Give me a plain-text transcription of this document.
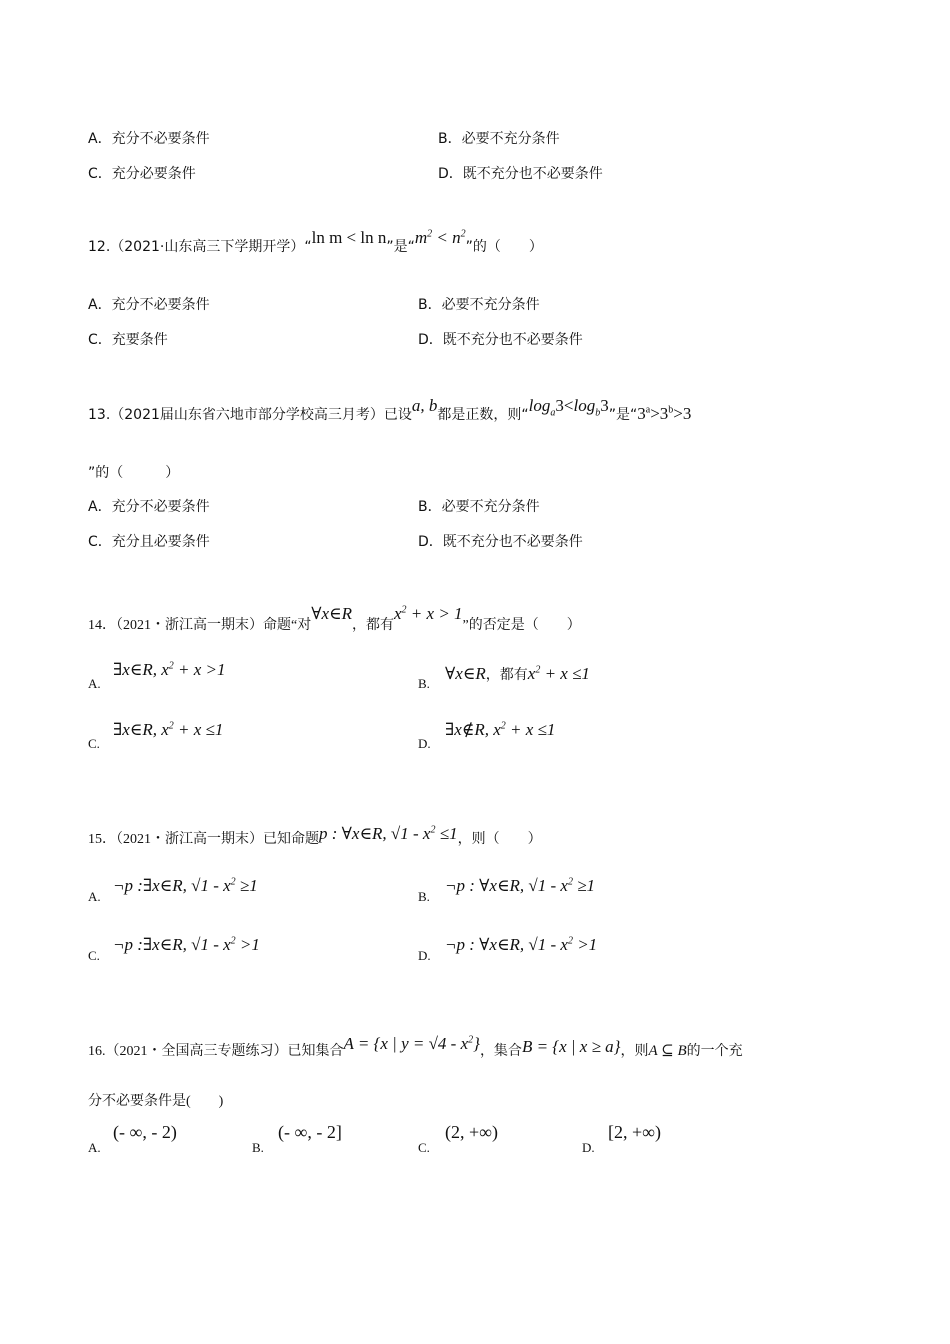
A．充分不必要条件	B．必要不充分条件
C．充分必要条件	D．既不充分也不必要条件
12.（2021·山东高三下学期开学）“ln m < ln n”是“$m^2 < n^2$”的（　　）
A．充分不必要条件	B．必要不充分条件
C．充要条件	D．既不充分也不必要条件
13.（2021届山东省六地市部分学校高三月考）已设a, b都是正数，则“$\log_a3<\log_b3$”是“$3^a>3^b>3$
”的（　　　）
A．充分不必要条件	B．必要不充分条件
C．充分且必要条件	D．既不充分也不必要条件
14．（2021・浙江高一期末）命题“对∀x∈R，都有$x^2 + x > 1$”的否定是（　　）
A.
∃x∈R, $x^2 + x >1$
B.
∀x∈R，都有$x^2 + x \le 1$
C.
∃x∈R, $x^2 + x \le 1$
D.
∃x∉R, $x^2 + x \le 1$
15．（2021・浙江高一期末）已知命题p : ∀x∈R, $√1 - x^2 \le 1$，则（　　）
A.
¬p :∃x∈R, $√1 - x^2 \ge 1$
B.
¬p : ∀x∈R, $√1 - x^2 \ge 1$
C.
¬p :∃x∈R, $√1 - x^2 >1$
D.
¬p : ∀x∈R, $√1 - x^2 >1$
16.（2021・全国高三专题练习）已知集合A = {x | $y = √4 - x^2$}，集合B = {x | x ≥ a}，则A ⊆ B的一个充
分不必要条件是(　　)
A.
(- ∞, - 2)
B.
(- ∞, - 2]
C.
(2, +∞)
D.
[2, +∞)
